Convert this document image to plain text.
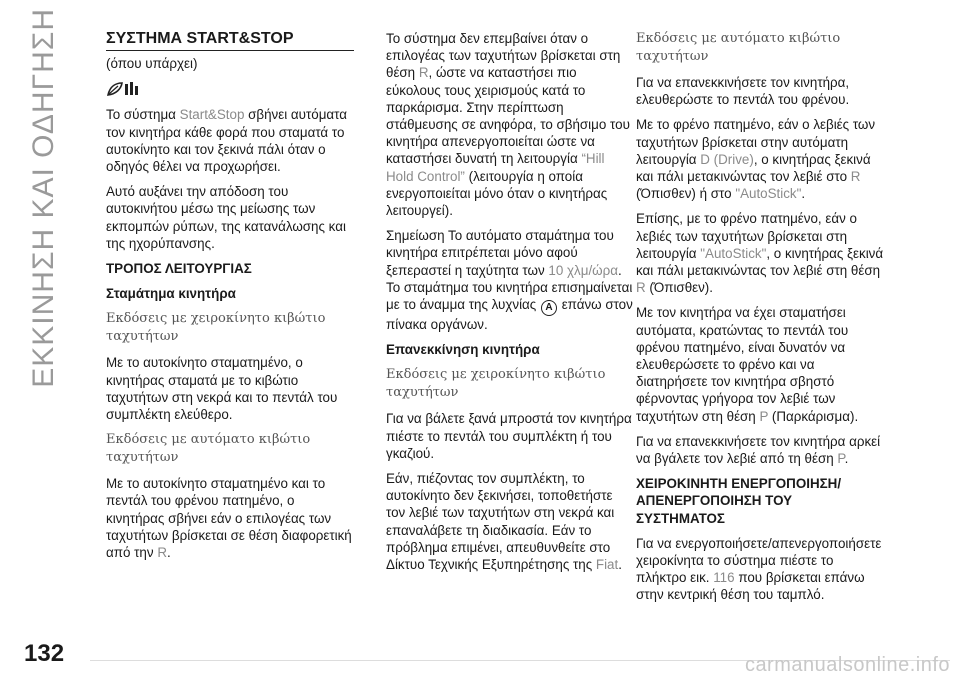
ΕΚΚΙΝΗΣΗ ΚΑΙ ΟΔΗΓΗΣΗ
132	carmanualsonline.info
ΣΥΣΤΗΜΑ START&STOP

(όπου υπάρχει)

Το σύστημα Start&Stop σβήνει αυτόματα τον κινητήρα κάθε φορά που σταματά το αυτοκίνητο και τον ξεκινά πάλι όταν ο οδηγός θέλει να προχωρήσει.

Αυτό αυξάνει την απόδοση του αυτοκινήτου μέσω της μείωσης των εκπομπών ρύπων, της κατανάλωσης και της ηχορύπανσης.

ΤΡΟΠΟΣ ΛΕΙΤΟΥΡΓΙΑΣ

Σταμάτημα κινητήρα

Εκδόσεις με χειροκίνητο κιβώτιο ταχυτήτων

Με το αυτοκίνητο σταματημένο, ο κινητήρας σταματά με το κιβώτιο ταχυτήτων στη νεκρά και το πεντάλ του συμπλέκτη ελεύθερο.

Εκδόσεις με αυτόματο κιβώτιο ταχυτήτων

Με το αυτοκίνητο σταματημένο και το πεντάλ του φρένου πατημένο, ο κινητήρας σβήνει εάν ο επιλογέας των ταχυτήτων βρίσκεται σε θέση διαφορετική από την R.

Το σύστημα δεν επεμβαίνει όταν ο επιλογέας των ταχυτήτων βρίσκεται στη θέση R, ώστε να καταστήσει πιο εύκολους τους χειρισμούς κατά το παρκάρισμα. Στην περίπτωση στάθμευσης σε ανηφόρα, το σβήσιμο του κινητήρα απενεργοποιείται ώστε να καταστήσει δυνατή τη λειτουργία “Hill Hold Control” (λειτουργία η οποία ενεργοποιείται μόνο όταν ο κινητήρας λειτουργεί).

Σημείωση Το αυτόματο σταμάτημα του κινητήρα επιτρέπεται μόνο αφού ξεπεραστεί η ταχύτητα των 10 χλμ/ώρα. Το σταμάτημα του κινητήρα επισημαίνεται με το άναμμα της λυχνίας A επάνω στον πίνακα οργάνων.

Επανεκκίνηση κινητήρα

Εκδόσεις με χειροκίνητο κιβώτιο ταχυτήτων

Για να βάλετε ξανά μπροστά τον κινητήρα πιέστε το πεντάλ του συμπλέκτη ή του γκαζιού.

Εάν, πιέζοντας τον συμπλέκτη, το αυτοκίνητο δεν ξεκινήσει, τοποθετήστε τον λεβιέ των ταχυτήτων στη νεκρά και επαναλάβετε τη διαδικασία. Εάν το πρόβλημα επιμένει, απευθυνθείτε στο Δίκτυο Τεχνικής Εξυπηρέτησης της Fiat.

Εκδόσεις με αυτόματο κιβώτιο ταχυτήτων

Για να επανεκκινήσετε τον κινητήρα, ελευθερώστε το πεντάλ του φρένου.

Με το φρένο πατημένο, εάν ο λεβιές των ταχυτήτων βρίσκεται στην αυτόματη λειτουργία D (Drive), ο κινητήρας ξεκινά και πάλι μετακινώντας τον λεβιέ στο R (Όπισθεν) ή στο "AutoStick".

Επίσης, με το φρένο πατημένο, εάν ο λεβιές των ταχυτήτων βρίσκεται στη λειτουργία "AutoStick", ο κινητήρας ξεκινά και πάλι μετακινώντας τον λεβιέ στη θέση R (Όπισθεν).

Με τον κινητήρα να έχει σταματήσει αυτόματα, κρατώντας το πεντάλ του φρένου πατημένο, είναι δυνατόν να ελευθερώσετε το φρένο και να διατηρήσετε τον κινητήρα σβηστό φέρνοντας γρήγορα τον λεβιέ των ταχυτήτων στη θέση P (Παρκάρισμα).

Για να επανεκκινήσετε τον κινητήρα αρκεί να βγάλετε τον λεβιέ από τη θέση P.

ΧΕΙΡΟΚΙΝΗΤΗ ΕΝΕΡΓΟΠΟΙΗΣΗ/ ΑΠΕΝΕΡΓΟΠΟΙΗΣΗ ΤΟΥ ΣΥΣΤΗΜΑΤΟΣ

Για να ενεργοποιήσετε/απενεργοποιήσετε χειροκίνητα το σύστημα πιέστε το πλήκτρο εικ. 116 που βρίσκεται επάνω στην κεντρική θέση του ταμπλό.
